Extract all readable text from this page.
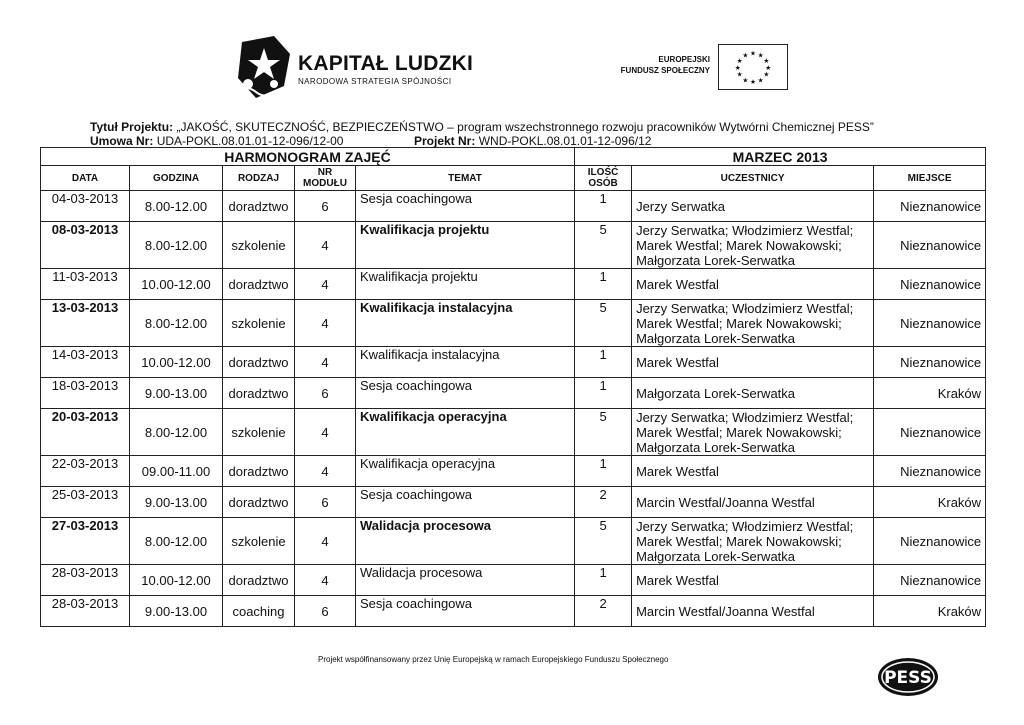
KAPITAŁ LUDZKI
NARODOWA STRATEGIA SPÓJNOŚCI
EUROPEJSKI
FUNDUSZ SPOŁECZNY
★ ★
★
★
★
★
★
★
★
★
★
★
Tytuł Projektu: „JAKOŚĆ, SKUTECZNOŚĆ, BEZPIECZEŃSTWO – program wszechstronnego rozwoju pracowników Wytwórni Chemicznej PESS”
Umowa Nr: UDA-POKL.08.01.01-12-096/12-00	Projekt Nr: WND-POKL.08.01.01-12-096/12
HARMONOGRAM ZAJĘĆ					MARZEC 2013		
DATA	GODZINA	RODZAJ	NR MODUŁU	TEMAT	ILOŚĆ OSÓB	UCZESTNICY	MIEJSCE
04-03-2013	8.00-12.00	doradztwo	6	Sesja coachingowa	1	Jerzy Serwatka	Nieznanowice
08-03-2013	8.00-12.00	szkolenie	4	Kwalifikacja projektu	5	Jerzy Serwatka; Włodzimierz Westfal;
Marek Westfal; Marek Nowakowski;
Małgorzata Lorek-Serwatka	Nieznanowice
11-03-2013	10.00-12.00	doradztwo	4	Kwalifikacja projektu	1	Marek Westfal	Nieznanowice
13-03-2013	8.00-12.00	szkolenie	4	Kwalifikacja instalacyjna	5	Jerzy Serwatka; Włodzimierz Westfal;
Marek Westfal; Marek Nowakowski;
Małgorzata Lorek-Serwatka	Nieznanowice
14-03-2013	10.00-12.00	doradztwo	4	Kwalifikacja instalacyjna	1	Marek Westfal	Nieznanowice
18-03-2013	9.00-13.00	doradztwo	6	Sesja coachingowa	1	Małgorzata Lorek-Serwatka	Kraków
20-03-2013	8.00-12.00	szkolenie	4	Kwalifikacja operacyjna	5	Jerzy Serwatka; Włodzimierz Westfal;
Marek Westfal; Marek Nowakowski;
Małgorzata Lorek-Serwatka	Nieznanowice
22-03-2013	09.00-11.00	doradztwo	4	Kwalifikacja operacyjna	1	Marek Westfal	Nieznanowice
25-03-2013	9.00-13.00	doradztwo	6	Sesja coachingowa	2	Marcin Westfal/Joanna Westfal	Kraków
27-03-2013	8.00-12.00	szkolenie	4	Walidacja procesowa	5	Jerzy Serwatka; Włodzimierz Westfal;
Marek Westfal; Marek Nowakowski;
Małgorzata Lorek-Serwatka	Nieznanowice
28-03-2013	10.00-12.00	doradztwo	4	Walidacja procesowa	1	Marek Westfal	Nieznanowice
28-03-2013	9.00-13.00	coaching	6	Sesja coachingowa	2	Marcin Westfal/Joanna Westfal	Kraków
Projekt współfinansowany przez Unię Europejską w ramach Europejskiego Funduszu Społecznego
PESS
